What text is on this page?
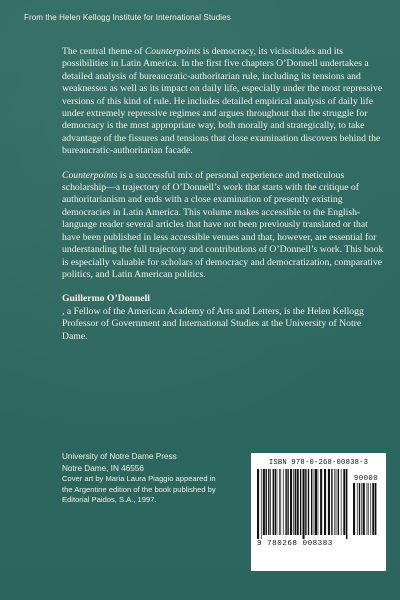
From the Helen Kellogg Institute for International Studies

The central theme of Counterpoints is democracy, its vicissitudes and its possibilities in Latin America. In the first five chapters O’Donnell undertakes a detailed analysis of bureaucratic-authoritarian rule, including its tensions and weaknesses as well as its impact on daily life, especially under the most repressive versions of this kind of rule. He includes detailed empirical analysis of daily life under extremely repressive regimes and argues throughout that the struggle for democracy is the most appropriate way, both morally and strategically, to take advantage of the fissures and tensions that close examination discovers behind the bureaucratic-authoritarian facade.

Counterpoints is a successful mix of personal experience and meticulous scholarship—a trajectory of O’Donnell’s work that starts with the critique of authoritarianism and ends with a close examination of presently existing democracies in Latin America. This volume makes accessible to the English-language reader several articles that have not been previously translated or that have been published in less accessible venues and that, however, are essential for understanding the full trajectory and contributions of O’Donnell’s work. This book is especially valuable for scholars of democracy and democratization, comparative politics, and Latin American politics.

Guillermo O’Donnell
, a Fellow of the American Academy of Arts and Letters, is the Helen Kellogg Professor of Government and International Studies at the University of Notre Dame.
University of Notre Dame Press
Notre Dame, IN 46556
Cover art by Maria Laura Piaggio appeared in the Argentine edition of the book published by Editorial Paidos, S.A., 1997.
ISBN 978-0-268-00838-3
90000
9 780268 008383
